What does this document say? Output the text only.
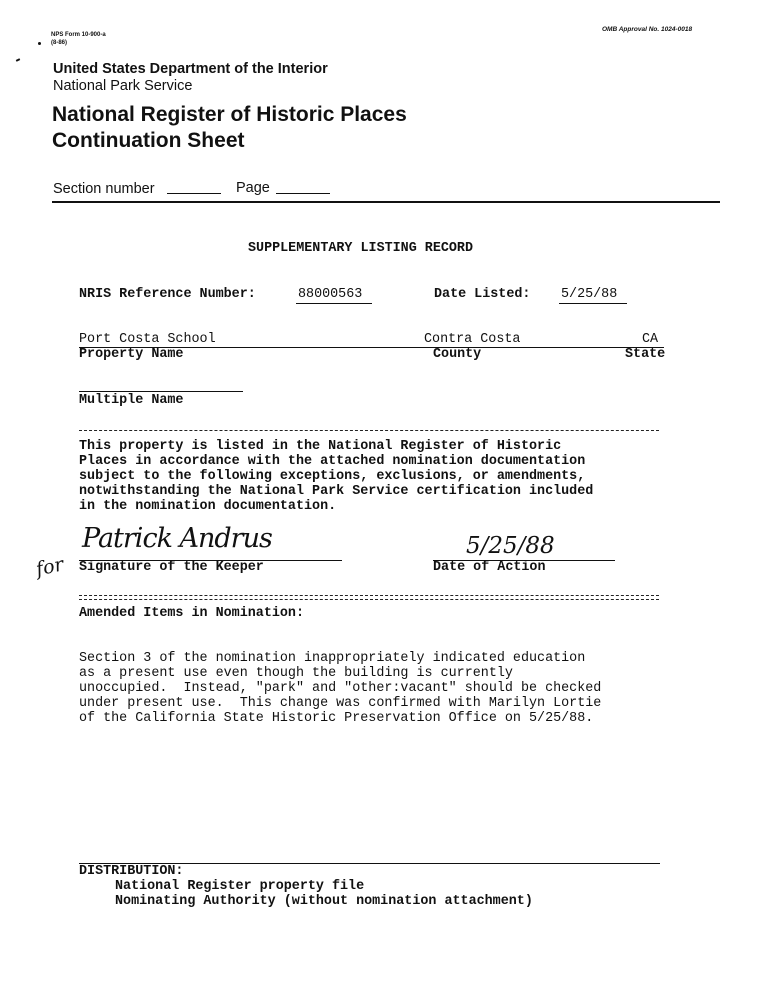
NPS Form 10-900-a
(8-86)
OMB Approval No. 1024-0018
United States Department of the Interior
National Park Service
National Register of Historic Places
Continuation Sheet
Section number	Page
SUPPLEMENTARY LISTING RECORD
NRIS Reference Number:	88000563	Date Listed: 5/25/88
Port Costa School	Contra Costa	CA
Property Name	County	State
Multiple Name
This property is listed in the National Register of Historic
Places in accordance with the attached nomination documentation
subject to the following exceptions, exclusions, or amendments,
notwithstanding the National Park Service certification included
in the nomination documentation.
Patrick Andrus
for Signature of the Keeper
5/25/88
Date of Action
Amended Items in Nomination:
Section 3 of the nomination inappropriately indicated education
as a present use even though the building is currently
unoccupied.  Instead, "park" and "other:vacant" should be checked
under present use.  This change was confirmed with Marilyn Lortie
of the California State Historic Preservation Office on 5/25/88.
DISTRIBUTION:
National Register property file
Nominating Authority (without nomination attachment)
